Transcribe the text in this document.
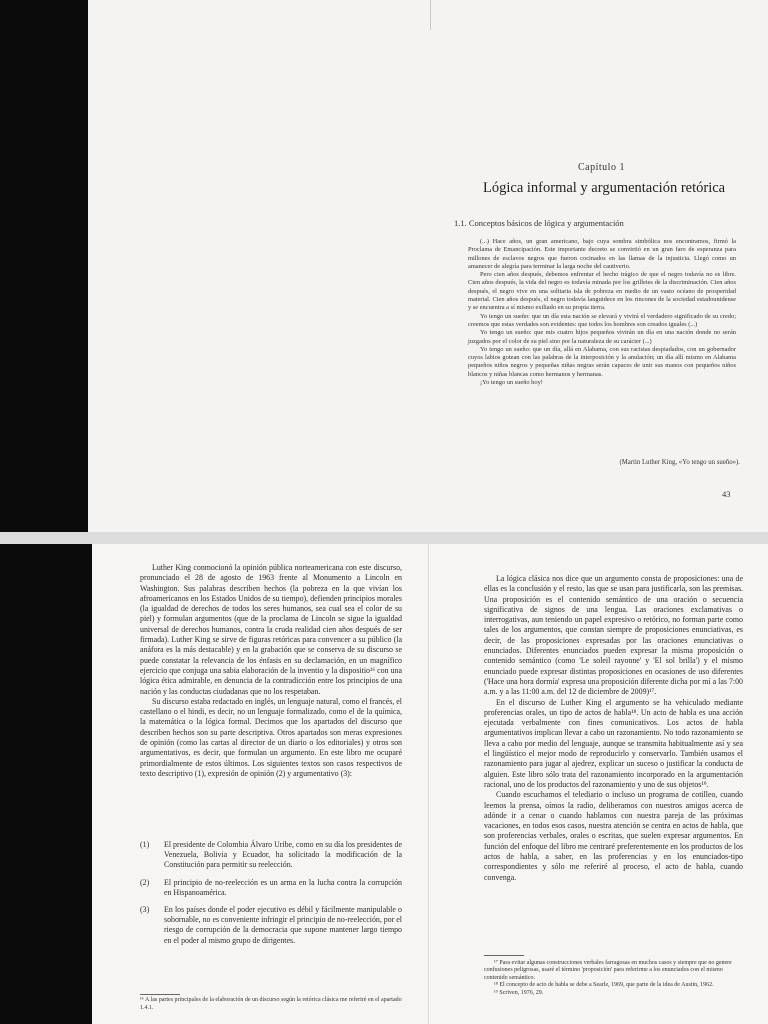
Capítulo 1
Lógica informal y argumentación retórica
1.1. Conceptos básicos de lógica y argumentación

(...) Hace años, un gran americano, bajo cuya sombra simbólica nos encontramos, firmó la Proclama de Emancipación. Este importante decreto se convirtió en un gran faro de esperanza para millones de esclavos negros que fueron cocinados en las llamas de la injusticia. Llegó como un amanecer de alegría para terminar la larga noche del cautiverio.

Pero cien años después, debemos enfrentar el hecho trágico de que el negro todavía no es libre. Cien años después, la vida del negro es todavía minada por los grilletes de la discriminación. Cien años después, el negro vive en una solitaria isla de pobreza en medio de un vasto océano de prosperidad material. Cien años después, el negro todavía languidece en los rincones de la sociedad estadounidense y se encuentra a sí mismo exiliado en su propia tierra.

Yo tengo un sueño: que un día esta nación se elevará y vivirá el verdadero significado de su credo; creemos que estas verdades son evidentes: que todos los hombres son creados iguales (...)

Yo tengo un sueño: que mis cuatro hijos pequeños vivirán un día en una nación donde no serán juzgados por el color de su piel sino por la naturaleza de su carácter (...)

Yo tengo un sueño: que un día, allá en Alabama, con sus racistas despiadados, con un gobernador cuyos labios gotean con las palabras de la interposición y la anulación; un día allí mismo en Alabama pequeños niños negros y pequeñas niñas negras serán capaces de unir sus manos con pequeños niños blancos y niñas blancas como hermanos y hermanas.

¡Yo tengo un sueño hoy!

(Martin Luther King, «Yo tengo un sueño»).
43

Luther King conmocionó la opinión pública norteamericana con este discurso, pronunciado el 28 de agosto de 1963 frente al Monumento a Lincoln en Washington. Sus palabras describen hechos (la pobreza en la que vivían los afroamericanos en los Estados Unidos de su tiempo), defienden principios morales (la igualdad de derechos de todos los seres humanos, sea cual sea el color de su piel) y formulan argumentos (que de la proclama de Lincoln se sigue la igualdad universal de derechos humanos, contra la cruda realidad cien años después de ser firmada). Luther King se sirve de figuras retóricas para convencer a su público (la anáfora es la más destacable) y en la grabación que se conserva de su discurso se puede constatar la relevancia de los énfasis en su declamación, en un magnífico ejercicio que conjuga una sabia elaboración de la inventio y la dispositio¹⁶ con una lógica ética admirable, en denuncia de la contradicción entre los principios de una nación y las conductas ciudadanas que no los respetaban.

Su discurso estaba redactado en inglés, un lenguaje natural, como el francés, el castellano o el hindi, es decir, no un lenguaje formalizado, como el de la química, la matemática o la lógica formal. Decimos que los apartados del discurso que describen hechos son su parte descriptiva. Otros apartados son meras expresiones de opinión (como las cartas al director de un diario o los editoriales) y otros son argumentativos, es decir, que formulan un argumento. En este libro me ocuparé primordialmente de estos últimos. Los siguientes textos son casos respectivos de texto descriptivo (1), expresión de opinión (2) y argumentativo (3):

(1) El presidente de Colombia Álvaro Uribe, como en su día los presidentes de Venezuela, Bolivia y Ecuador, ha solicitado la modificación de la Constitución para permitir su reelección.
(2) El principio de no-reelección es un arma en la lucha contra la corrupción en Hispanoamérica.
(3) En los países donde el poder ejecutivo es débil y fácilmente manipulable o sobornable, no es conveniente infringir el principio de no-reelección, por el riesgo de corrupción de la democracia que supone mantener largo tiempo en el poder al mismo grupo de dirigentes.
¹⁶ A las partes principales de la elaboración de un discurso según la retórica clásica me referiré en el apartado 1.4.1.

La lógica clásica nos dice que un argumento consta de proposiciones: una de ellas es la conclusión y el resto, las que se usan para justificarla, son las premisas. Una proposición es el contenido semántico de una oración o secuencia significativa de signos de una lengua. Las oraciones exclamativas o interrogativas, aun teniendo un papel expresivo o retórico, no forman parte como tales de los argumentos, que constan siempre de proposiciones enunciativas, es decir, de las proposiciones expresadas por las oraciones enunciativas o enunciados. Diferentes enunciados pueden expresar la misma proposición o contenido semántico (como 'Le soleil rayonne' y 'El sol brilla') y el mismo enunciado puede expresar distintas proposiciones en ocasiones de uso diferentes ('Hace una hora dormía' expresa una proposición diferente dicha por mí a las 7:00 a.m. y a las 11:00 a.m. del 12 de diciembre de 2009)¹⁷.

En el discurso de Luther King el argumento se ha vehiculado mediante proferencias orales, un tipo de actos de habla¹⁸. Un acto de habla es una acción ejecutada verbalmente con fines comunicativos. Los actos de habla argumentativos implican llevar a cabo un razonamiento. No todo razonamiento se lleva a cabo por medio del lenguaje, aunque se transmita habitualmente así y sea el lingüístico el mejor modo de reproducirlo y conservarlo. También usamos el razonamiento para jugar al ajedrez, explicar un suceso o justificar la conducta de alguien. Este libro sólo trata del razonamiento incorporado en la argumentación racional, uno de los productos del razonamiento y uno de sus objetos¹⁹.

Cuando escuchamos el telediario o incluso un programa de cotilleo, cuando leemos la prensa, oímos la radio, deliberamos con nuestros amigos acerca de adónde ir a cenar o cuando hablamos con nuestra pareja de las próximas vacaciones, en todos esos casos, nuestra atención se centra en actos de habla, que son proferencias verbales, orales o escritas, que suelen expresar argumentos. En función del enfoque del libro me centraré preferentemente en los productos de los actos de habla, a saber, en las proferencias y en los enunciados-tipo correspondientes y sólo me referiré al proceso, el acto de habla, cuando convenga.

¹⁷ Para evitar algunas construcciones verbales farragosas en muchos casos y siempre que no genere confusiones peligrosas, usaré el término 'proposición' para referirme a los enunciados con el mismo contenido semántico.

¹⁸ El concepto de acto de habla se debe a Searle, 1969, que parte de la idea de Austin, 1962.

¹⁹ Scriven, 1976, 29.
